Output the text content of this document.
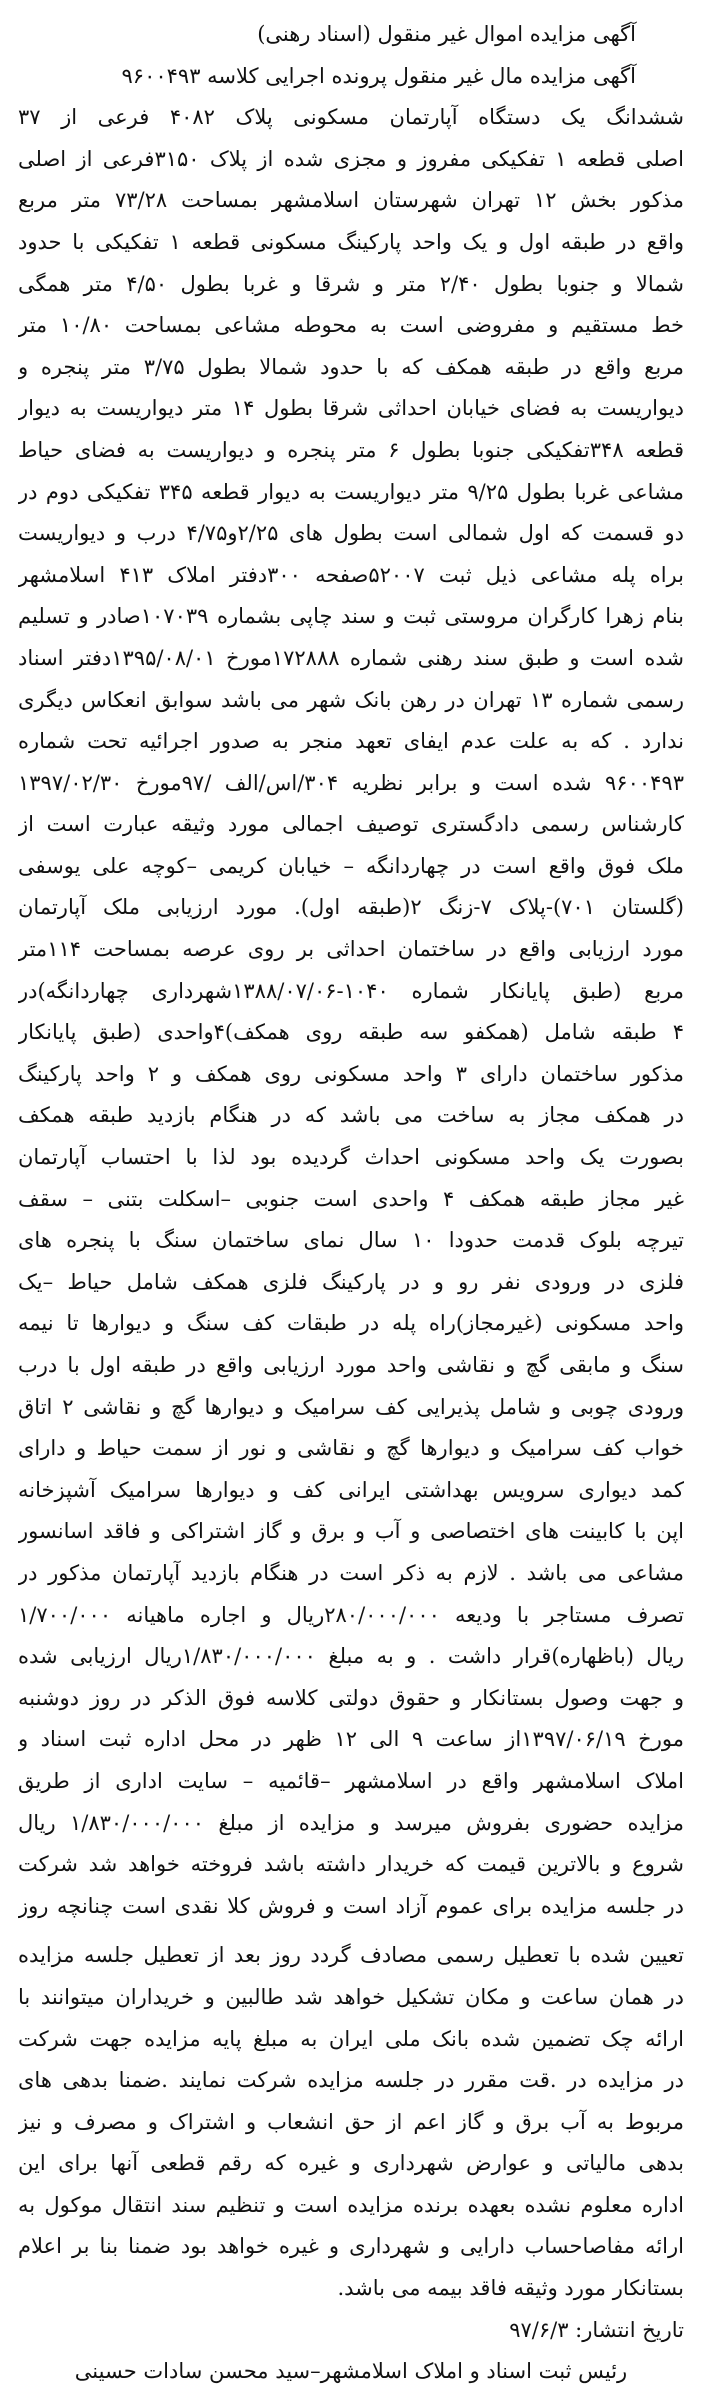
آگهی مزایده اموال غیر منقول (اسناد رهنی)
آگهی مزایده مال غیر منقول پرونده اجرایی کلاسه ۹۶۰۰۴۹۳
ششدانگ یک دستگاه آپارتمان مسکونی پلاک ۴۰۸۲ فرعی از ۳۷
اصلی قطعه ۱ تفکیکی مفروز و مجزی شده از پلاک ۳۱۵۰فرعی از اصلی
مذکور بخش ۱۲ تهران شهرستان اسلامشهر بمساحت ۷۳/۲۸ متر مربع
واقع در طبقه اول و یک واحد پارکینگ مسکونی قطعه ۱ تفکیکی با حدود
شمالا و جنوبا بطول ۲/۴۰ متر و شرقا و غربا بطول ۴/۵۰ متر همگی
خط مستقیم و مفروضی است به محوطه مشاعی بمساحت ۱۰/۸۰ متر
مربع واقع در طبقه همکف که با حدود شمالا بطول ۳/۷۵ متر پنجره و
دیواریست به فضای خیابان احداثی شرقا بطول ۱۴ متر دیواریست به دیوار
قطعه ۳۴۸تفکیکی جنوبا بطول ۶ متر پنجره و دیواریست به فضای حیاط
مشاعی غربا بطول ۹/۲۵ متر دیواریست به دیوار قطعه ۳۴۵ تفکیکی دوم در
دو قسمت که اول شمالی است بطول های ۲/۲۵و۴/۷۵ درب و دیواریست
براه پله مشاعی ذیل ثبت ۵۲۰۰۷صفحه ۳۰۰دفتر املاک ۴۱۳ اسلامشهر
بنام زهرا کارگران مروستی ثبت و سند چاپی بشماره ۱۰۷۰۳۹صادر و تسلیم
شده است و طبق سند رهنی شماره ۱۷۲۸۸۸مورخ ۱۳۹۵/۰۸/۰۱دفتر اسناد
رسمی شماره ۱۳ تهران در رهن بانک شهر می باشد سوابق انعکاس دیگری
ندارد . که به علت عدم ایفای تعهد منجر به صدور اجرائیه تحت شماره
۹۶۰۰۴۹۳ شده است و برابر نظریه ۳۰۴/اس/الف /۹۷مورخ ۱۳۹۷/۰۲/۳۰
کارشناس رسمی دادگستری توصیف اجمالی مورد وثیقه عبارت است از
ملک فوق واقع است در چهاردانگه – خیابان کریمی –کوچه علی یوسفی
(گلستان ۷۰۱)-پلاک ۷-زنگ ۲(طبقه اول). مورد ارزیابی ملک آپارتمان
مورد ارزیابی واقع در ساختمان احداثی بر روی عرصه بمساحت ۱۱۴متر
مربع (طبق پایانکار شماره ۱۰۴۰-۱۳۸۸/۰۷/۰۶شهرداری چهاردانگه)در
۴ طبقه شامل (همکفو سه طبقه روی همکف)۴واحدی (طبق پایانکار
مذکور ساختمان دارای ۳ واحد مسکونی روی همکف و ۲ واحد پارکینگ
در همکف مجاز به ساخت می باشد که در هنگام بازدید طبقه همکف
بصورت یک واحد مسکونی احداث گردیده بود لذا با احتساب آپارتمان
غیر مجاز طبقه همکف ۴ واحدی است جنوبی –اسکلت بتنی – سقف
تیرچه بلوک قدمت حدودا ۱۰ سال نمای ساختمان سنگ با پنجره های
فلزی در ورودی نفر رو و در پارکینگ فلزی همکف شامل حیاط –یک
واحد مسکونی (غیرمجاز)راه پله در طبقات کف سنگ و دیوارها تا نیمه
سنگ و مابقی گچ و نقاشی واحد مورد ارزیابی واقع در طبقه اول با درب
ورودی چوبی و شامل پذیرایی کف سرامیک و دیوارها گچ و نقاشی ۲ اتاق
خواب کف سرامیک و دیوارها گچ و نقاشی و نور از سمت حیاط و دارای
کمد دیواری سرویس بهداشتی ایرانی کف و دیوارها سرامیک آشپزخانه
اپن با کابینت های اختصاصی و آب و برق و گاز اشتراکی و فاقد اسانسور
مشاعی می باشد . لازم به ذکر است در هنگام بازدید آپارتمان مذکور در
تصرف مستاجر با ودیعه ۲۸۰/۰۰۰/۰۰۰ریال و اجاره ماهیانه ۱/۷۰۰/۰۰۰
ریال (باظهاره)قرار داشت . و به مبلغ ۱/۸۳۰/۰۰۰/۰۰۰ریال ارزیابی شده
و جهت وصول بستانکار و حقوق دولتی کلاسه فوق الذکر در روز دوشنبه
مورخ ۱۳۹۷/۰۶/۱۹از ساعت ۹ الی ۱۲ ظهر در محل اداره ثبت اسناد و
املاک اسلامشهر واقع در اسلامشهر –قائمیه – سایت اداری از طریق
مزایده حضوری بفروش میرسد و مزایده از مبلغ ۱/۸۳۰/۰۰۰/۰۰۰ ریال
شروع و بالاترین قیمت که خریدار داشته باشد فروخته خواهد شد شرکت
در جلسه مزایده برای عموم آزاد است و فروش کلا نقدی است چنانچه روز
تعیین شده با تعطیل رسمی مصادف گردد روز بعد از تعطیل جلسه مزایده
در همان ساعت و مکان تشکیل خواهد شد طالبین و خریداران میتوانند با
ارائه چک تضمین شده بانک ملی ایران به مبلغ پایه مزایده جهت شرکت
در مزایده در .قت مقرر در جلسه مزایده شرکت نمایند .ضمنا بدهی های
مربوط به آب برق و گاز اعم از حق انشعاب و اشتراک و مصرف و نیز
بدهی مالیاتی و عوارض شهرداری و غیره که رقم قطعی آنها برای این
اداره معلوم نشده بعهده برنده مزایده است و تنظیم سند انتقال موکول به
ارائه مفاصاحساب دارایی و شهرداری و غیره خواهد بود ضمنا بنا بر اعلام
بستانکار مورد وثیقه فاقد بیمه می باشد.
تاریخ انتشار: ۹۷/۶/۳
رئیس ثبت اسناد و املاک اسلامشهر–سید محسن سادات حسینی
